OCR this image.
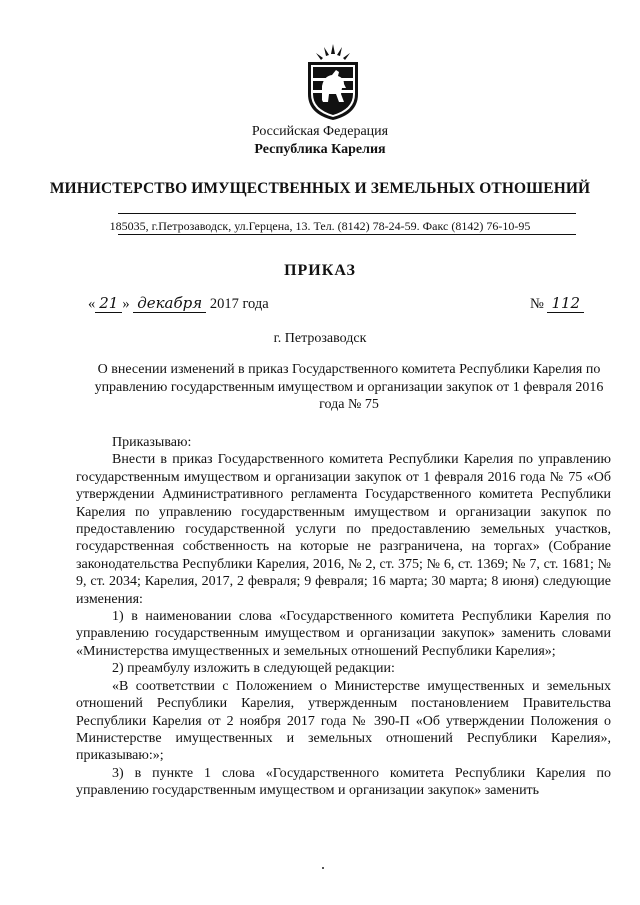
Российская Федерация
Республика Карелия
МИНИСТЕРСТВО ИМУЩЕСТВЕННЫХ И ЗЕМЕЛЬНЫХ ОТНОШЕНИЙ
185035, г.Петрозаводск, ул.Герцена, 13. Тел. (8142) 78-24-59. Факс (8142) 76-10-95
ПРИКАЗ
« 21 » декабря 2017 года	№ 112
г. Петрозаводск
О внесении изменений в приказ Государственного комитета Республики Карелия по управлению государственным имуществом и организации закупок от 1 февраля 2016 года № 75

Приказываю:

Внести в приказ Государственного комитета Республики Карелия по управлению государственным имуществом и организации закупок от 1 февраля 2016 года № 75 «Об утверждении Административного регламента Государственного комитета Республики Карелия по управлению государственным имуществом и организации закупок по предоставлению государственной услуги по предоставлению земельных участков, государственная собственность на которые не разграничена, на торгах» (Собрание законодательства Республики Карелия, 2016, № 2, ст. 375; № 6, ст. 1369; № 7, ст. 1681; № 9, ст. 2034; Карелия, 2017, 2 февраля; 9 февраля; 16 марта; 30 марта; 8 июня) следующие изменения:

1) в наименовании слова «Государственного комитета Республики Карелия по управлению государственным имуществом и организации закупок» заменить словами «Министерства имущественных и земельных отношений Республики Карелия»;

2) преамбулу изложить в следующей редакции:

«В соответствии с Положением о Министерстве имущественных и земельных отношений Республики Карелия, утвержденным постановлением Правительства Республики Карелия от 2 ноября 2017 года № 390-П «Об утверждении Положения о Министерстве имущественных и земельных отношений Республики Карелия», приказываю:»;

3) в пункте 1 слова «Государственного комитета Республики Карелия по управлению государственным имуществом и организации закупок» заменить
